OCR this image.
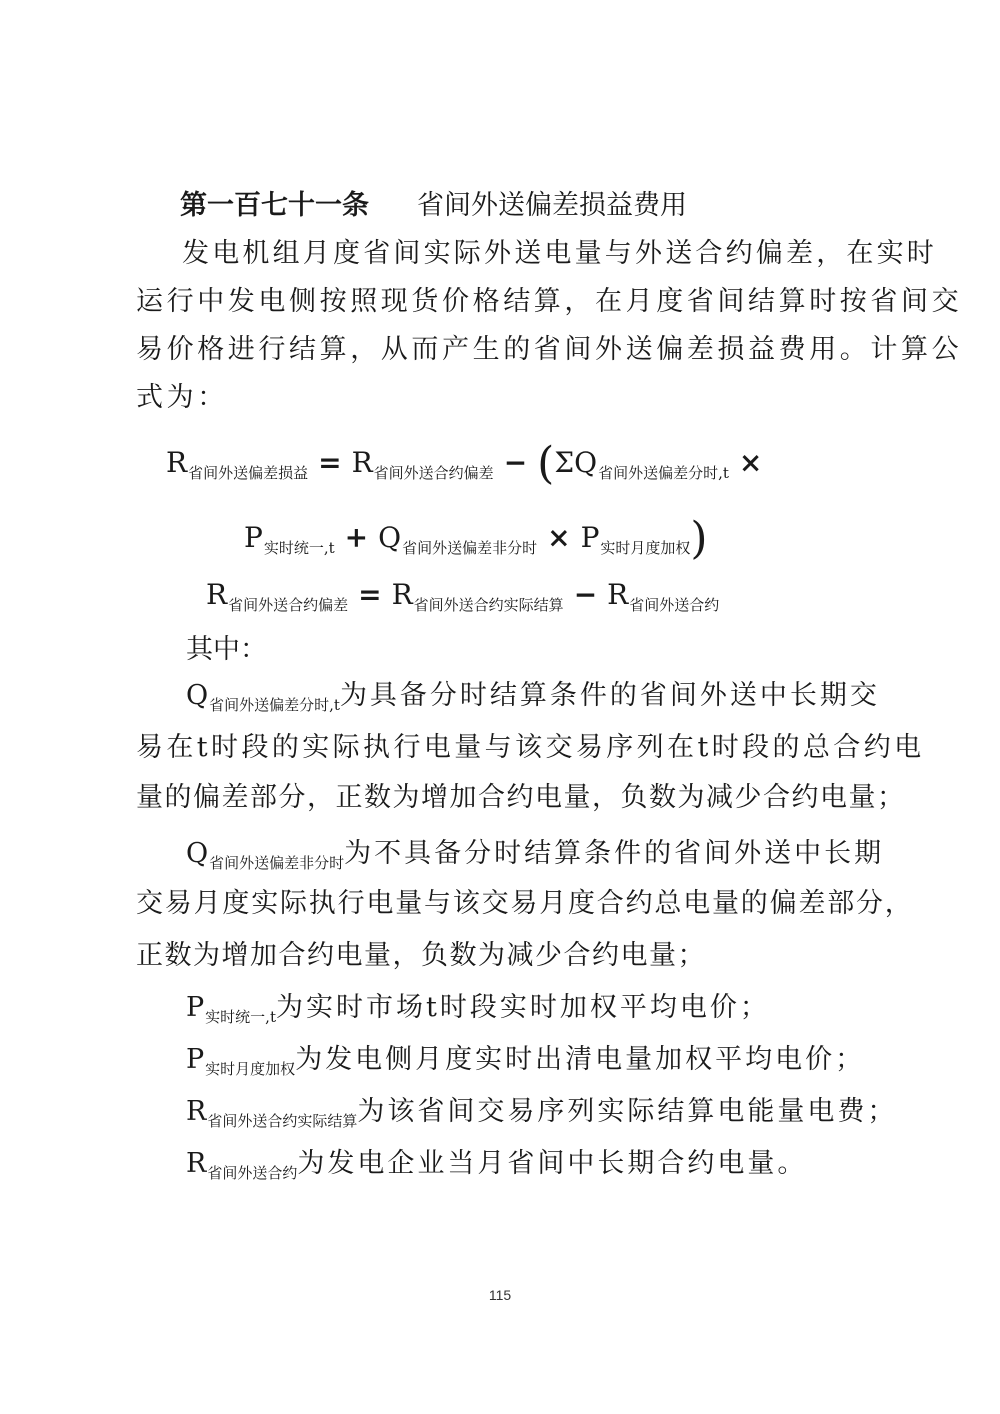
第一百七十一条 省间外送偏差损益费用
发电机组月度省间实际外送电量与外送合约偏差，在实时
运行中发电侧按照现货价格结算，在月度省间结算时按省间交
易价格进行结算，从而产生的省间外送偏差损益费用。计算公
式为：
$R_{省间外送偏差损益} = R_{省间外送合约偏差} - (\Sigma Q_{省间外送偏差分时,t}$ ×
$P_{实时统一,t} + Q_{省间外送偏差非分时} \times P_{实时月度加权}$)
$R_{省间外送合约偏差} = R_{省间外送合约实际结算} - R_{省间外送合约}$
其中：
$Q_{省间外送偏差分时,t}$为具备分时结算条件的省间外送中长期交
易在t时段的实际执行电量与该交易序列在t时段的总合约电
量的偏差部分，正数为增加合约电量，负数为减少合约电量；
$Q_{省间外送偏差非分时}$为不具备分时结算条件的省间外送中长期
交易月度实际执行电量与该交易月度合约总电量的偏差部分，
正数为增加合约电量，负数为减少合约电量；
$P_{实时统一,t}$为实时市场t时段实时加权平均电价；
$P_{实时月度加权}$为发电侧月度实时出清电量加权平均电价；
$R_{省间外送合约实际结算}$为该省间交易序列实际结算电能量电费；
$R_{省间外送合约}$为发电企业当月省间中长期合约电量。
115
